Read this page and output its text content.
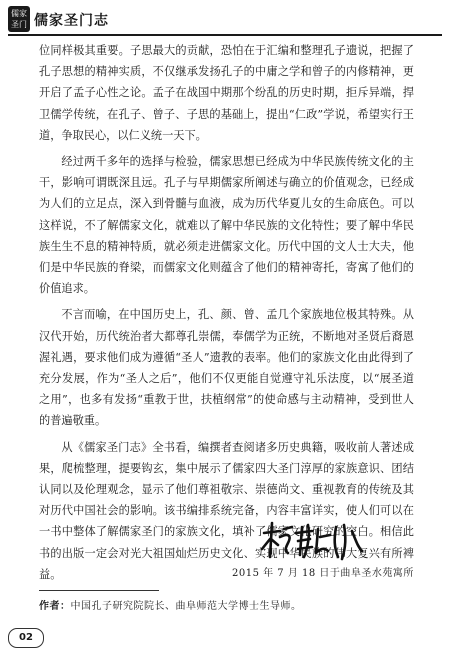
儒家
圣门 儒家圣门志

位同样极其重要。子思最大的贡献，恐怕在于汇编和整理孔子遗说，把握了孔子思想的精神实质，不仅继承发扬孔子的中庸之学和曾子的内修精神，更开启了孟子心性之论。孟子在战国中期那个纷乱的历史时期，拒斥异端，捍卫儒学传统，在孔子、曾子、子思的基础上，提出“仁政”学说，希望实行王道，争取民心，以仁义统一天下。

经过两千多年的选择与检验，儒家思想已经成为中华民族传统文化的主干，影响可谓既深且远。孔子与早期儒家所阐述与确立的价值观念，已经成为人们的立足点，深入到骨髓与血液，成为历代华夏儿女的生命底色。可以这样说，不了解儒家文化，就难以了解中华民族的文化特性；要了解中华民族生生不息的精神特质，就必须走进儒家文化。历代中国的文人士大夫，他们是中华民族的脊梁，而儒家文化则蕴含了他们的精神寄托，寄寓了他们的价值追求。

不言而喻，在中国历史上，孔、颜、曾、孟几个家族地位极其特殊。从汉代开始，历代统治者大都尊孔崇儒，奉儒学为正统，不断地对圣贤后裔恩渥礼遇，要求他们成为遵循“圣人”遗教的表率。他们的家族文化由此得到了充分发展，作为“圣人之后”，他们不仅更能自觉遵守礼乐法度，以“展圣道之用”，也多有发扬“重教于世，扶植纲常”的使命感与主动精神，受到世人的普遍敬重。

从《儒家圣门志》全书看，编撰者查阅诸多历史典籍，吸收前人著述成果，爬梳整理，提要钩玄，集中展示了儒家四大圣门淳厚的家族意识、团结认同以及伦理观念，显示了他们尊祖敬宗、崇德尚文、重视教育的传统及其对历代中国社会的影响。该书编排系统完备，内容丰富详实，使人们可以在一书中整体了解儒家圣门的家族文化，填补了儒家文化研究的空白。相信此书的出版一定会对光大祖国灿烂历史文化、实现中华民族的伟大复兴有所裨益。	2015 年 7 月 18 日于曲阜圣水苑寓所
作者：中国孔子研究院院长、曲阜师范大学博士生导师。
02
